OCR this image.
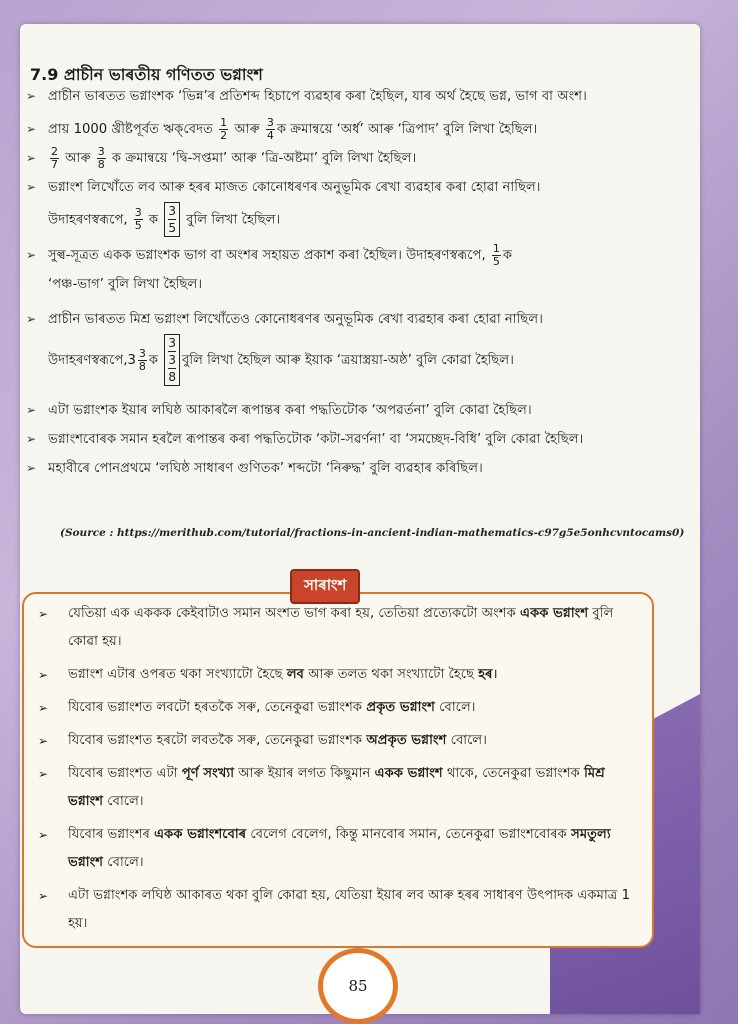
7.9 প্ৰাচীন ভাৰতীয় গণিতত ভগ্নাংশ
➢ প্ৰাচীন ভাৰতত ভগ্নাংশক ‘ভিন্ন’ৰ প্ৰতিশব্দ হিচাপে ব্যৱহাৰ কৰা হৈছিল, যাৰ অৰ্থ হৈছে ভগ্ন, ভাগ বা অংশ।
➢ প্ৰায় 1000 খ্ৰীষ্টপূৰ্বত ঋক্‌বেদত $\frac{1}{2}$ আৰু $\frac{3}{4}$ ক ক্ৰমান্বয়ে ‘অৰ্ধ’ আৰু ‘ত্ৰিপাদ’ বুলি লিখা হৈছিল।
➢ $\frac{2}{7}$ আৰু $\frac{3}{8}$ ক ক্ৰমান্বয়ে ‘দ্বি-সপ্তমা’ আৰু ‘ত্ৰি-অষ্টমা’ বুলি লিখা হৈছিল।
➢ ভগ্নাংশ লিখোঁতে লব আৰু হৰৰ মাজত কোনোধৰণৰ অনুভূমিক ৰেখা ব্যৱহাৰ কৰা হোৱা নাছিল।
উদাহৰণস্বৰূপে, $\frac{3}{5}$ ক $\frac{3}{5}$ বুলি লিখা হৈছিল।
➢ সুল্ব-সূত্ৰত একক ভগ্নাংশক ভাগ বা অংশৰ সহায়ত প্ৰকাশ কৰা হৈছিল। উদাহৰণস্বৰূপে, $\frac{1}{5}$ ক
‘পঞ্চ-ভাগ’ বুলি লিখা হৈছিল।
➢ প্ৰাচীন ভাৰতত মিশ্ৰ ভগ্নাংশ লিখোঁতেও কোনোধৰণৰ অনুভূমিক ৰেখা ব্যৱহাৰ কৰা হোৱা নাছিল।
উদাহৰণস্বৰূপে,3 $\frac{3}{8}$ ক
3
3
8
বুলি লিখা হৈছিল আৰু ইয়াক ‘ত্ৰয়াস্ত্ৰয়া-অষ্ঠ’ বুলি কোৱা হৈছিল।
➢ এটা ভগ্নাংশক ইয়াৰ লঘিষ্ঠ আকাৰলৈ ৰূপান্তৰ কৰা পদ্ধতিটোক ‘অপৱৰ্তনা’ বুলি কোৱা হৈছিল।
➢ ভগ্নাংশবোৰক সমান হৰলৈ ৰূপান্তৰ কৰা পদ্ধতিটোক ‘কটা-সৱৰ্ণনা’ বা ‘সমচ্ছেদ-বিধি’ বুলি কোৱা হৈছিল।
➢ মহাবীৰে পোনপ্ৰথমে ‘লঘিষ্ঠ সাধাৰণ গুণিতক’ শব্দটো ‘নিৰুদ্ধ’ বুলি ব্যৱহাৰ কৰিছিল।
(Source : https://merithub.com/tutorial/fractions-in-ancient-indian-mathematics-c97g5e5onhcvntocams0)
সাৰাংশ
➢ যেতিয়া এক এককক কেইবাটাও সমান অংশত ভাগ কৰা হয়, তেতিয়া প্ৰত্যেকটো অংশক একক ভগ্নাংশ বুলি কোৱা হয়।
➢ ভগ্নাংশ এটাৰ ওপৰত থকা সংখ্যাটো হৈছে লব আৰু তলত থকা সংখ্যাটো হৈছে হৰ।
➢ যিবোৰ ভগ্নাংশত লবটো হৰতকৈ সৰু, তেনেকুৱা ভগ্নাংশক প্ৰকৃত ভগ্নাংশ বোলে।
➢ যিবোৰ ভগ্নাংশত হৰটো লবতকৈ সৰু, তেনেকুৱা ভগ্নাংশক অপ্ৰকৃত ভগ্নাংশ বোলে।
➢ যিবোৰ ভগ্নাংশত এটা পূৰ্ণ সংখ্যা আৰু ইয়াৰ লগত কিছুমান একক ভগ্নাংশ থাকে, তেনেকুৱা ভগ্নাংশক মিশ্ৰ ভগ্নাংশ বোলে।
➢ যিবোৰ ভগ্নাংশৰ একক ভগ্নাংশবোৰ বেলেগ বেলেগ, কিন্তু মানবোৰ সমান, তেনেকুৱা ভগ্নাংশবোৰক সমতুল্য ভগ্নাংশ বোলে।
➢ এটা ভগ্নাংশক লঘিষ্ঠ আকাৰত থকা বুলি কোৱা হয়, যেতিয়া ইয়াৰ লব আৰু হৰৰ সাধাৰণ উৎপাদক একমাত্ৰ 1 হয়।
85
